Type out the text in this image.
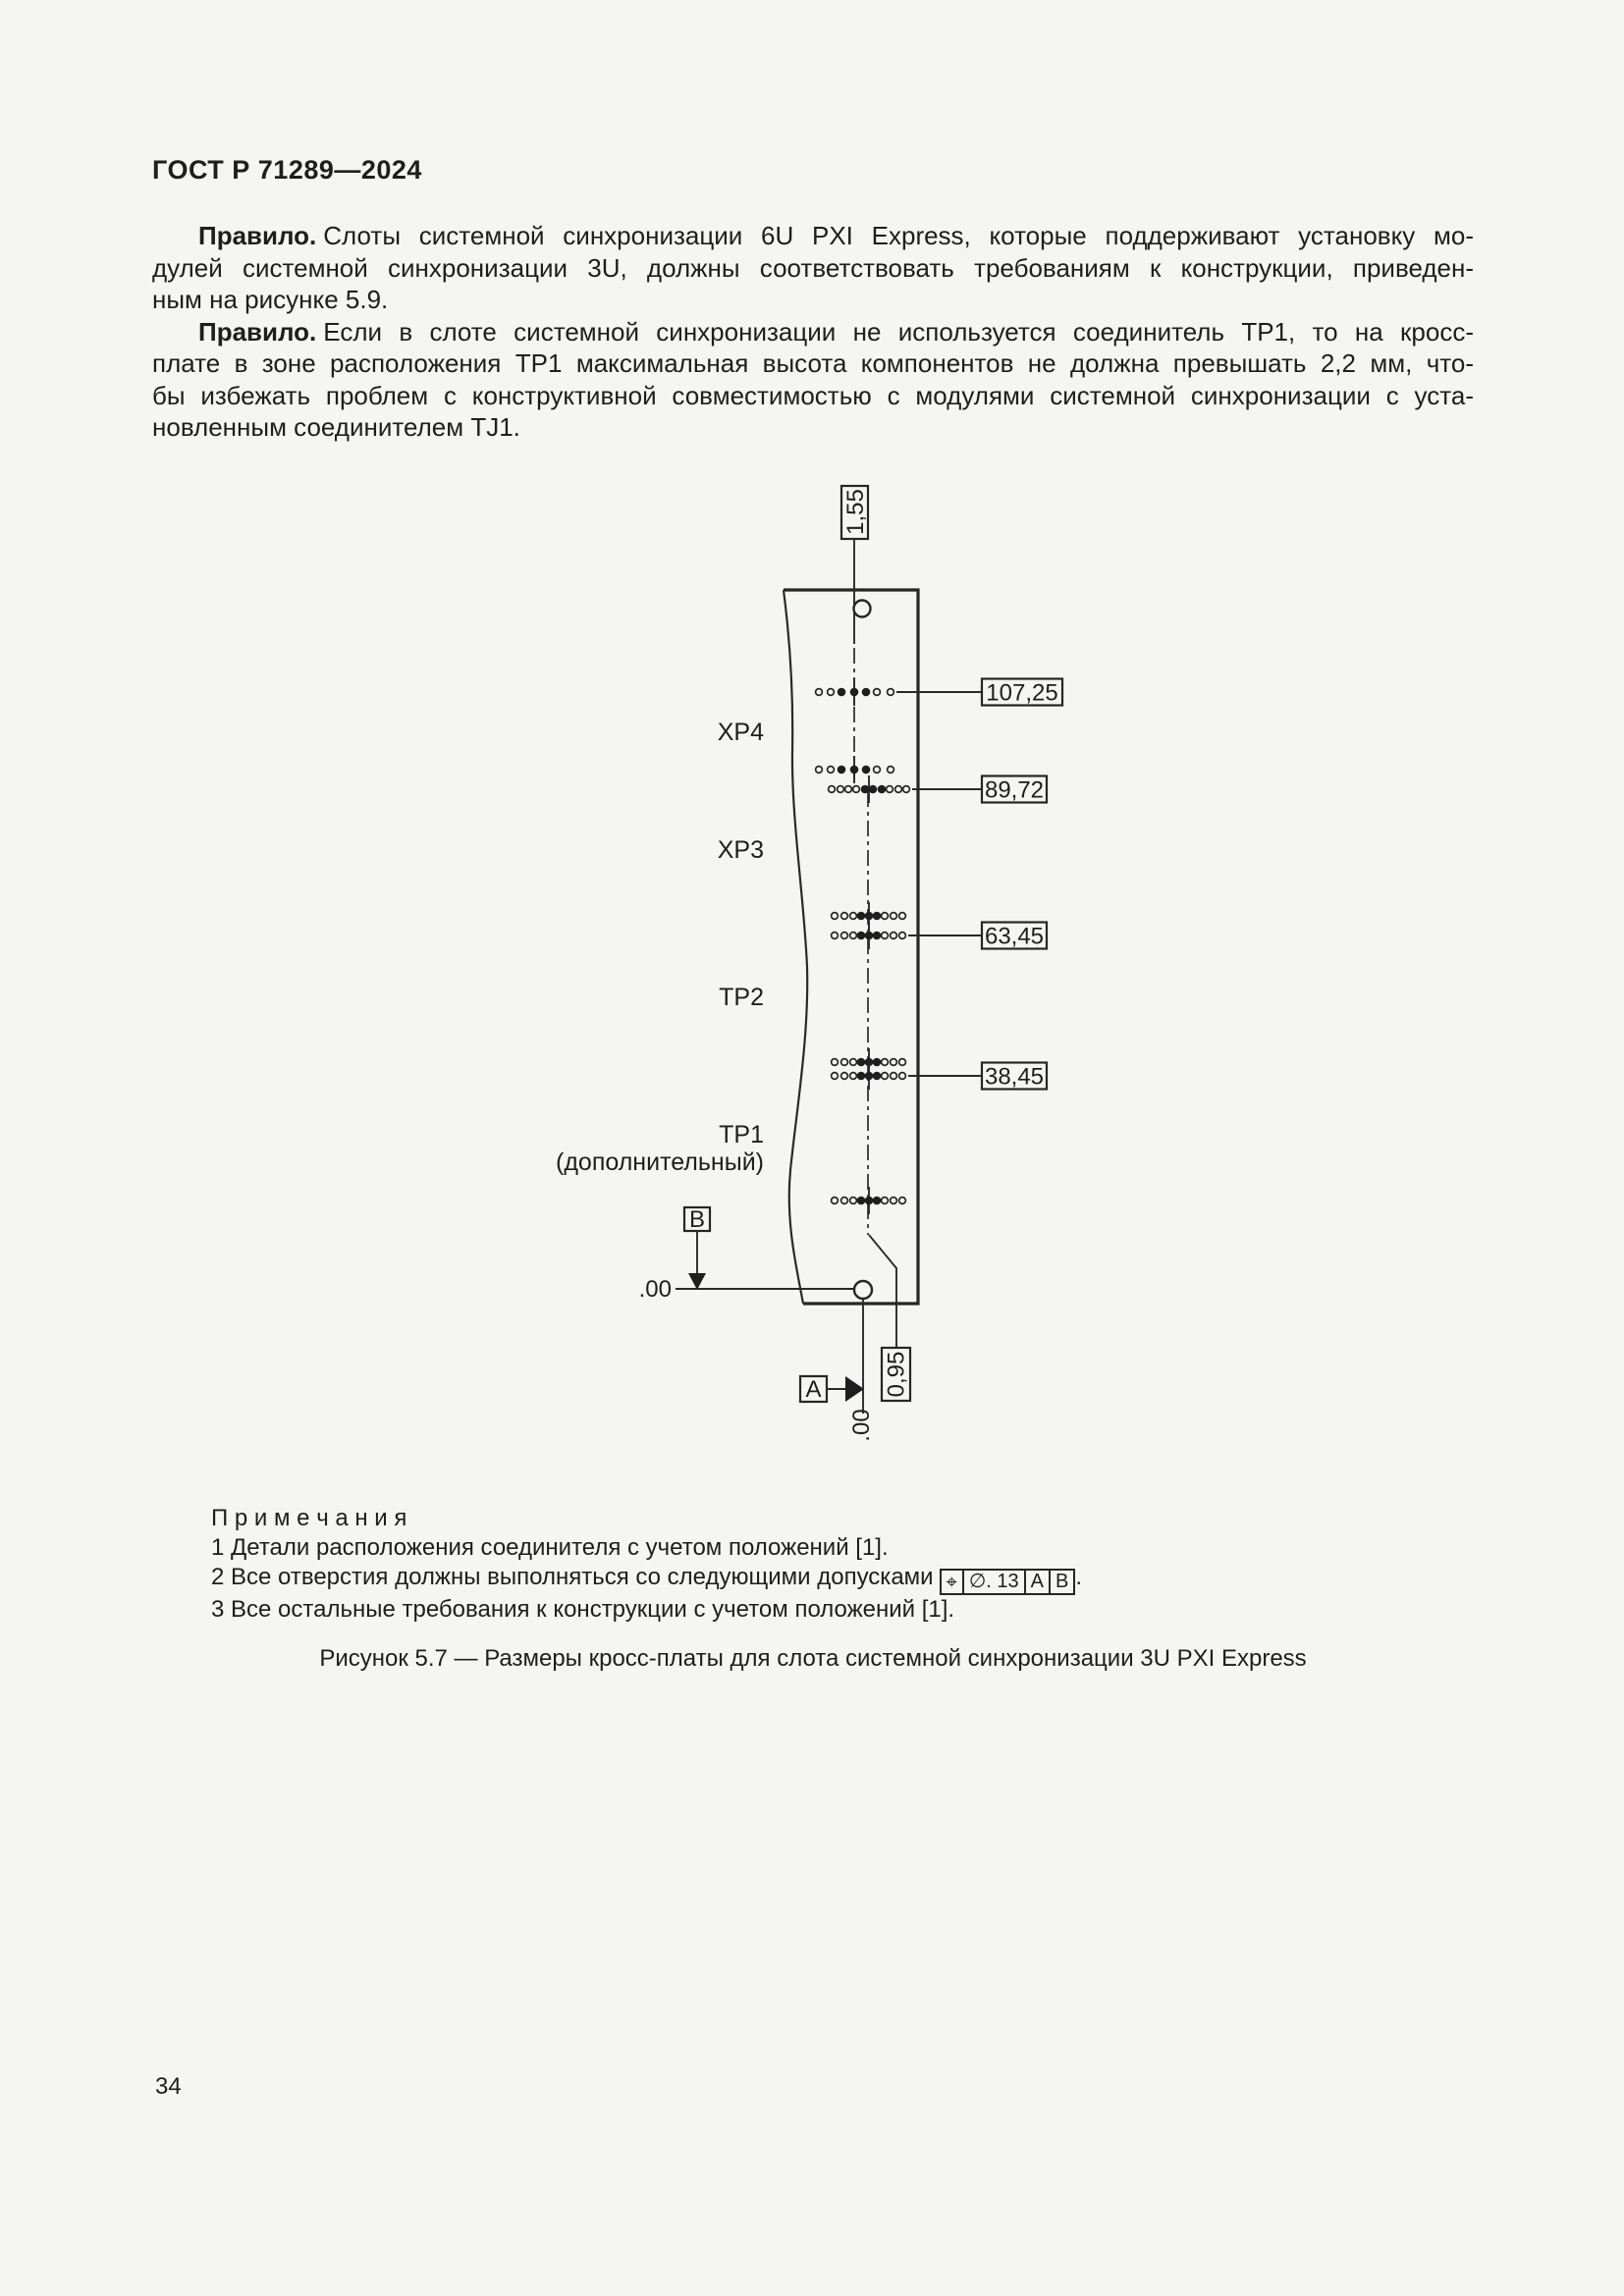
ГОСТ Р 71289—2024
Правило. Слоты системной синхронизации 6U PXI Express, которые поддерживают установку мо-
дулей системной синхронизации 3U, должны соответствовать требованиям к конструкции, приведен-
ным на рисунке 5.9.
Правило. Если в слоте системной синхронизации не используется соединитель TP1, то на кросс-
плате в зоне расположения TP1 максимальная высота компонентов не должна превышать 2,2 мм, что-
бы избежать проблем с конструктивной совместимостью с модулями системной синхронизации с уста-
новленным соединителем TJ1.
1,55
107,25
89,72
63,45
38,45
XP4
XP3
TP2
TP1
(дополнительный)
B
.00
0,95
A
.00
П р и м е ч а н и я
1 Детали расположения соединителя с учетом положений [1].
2 Все отверстия должны выполняться со следующими допусками ⌖ ∅. 13 A B .
3 Все остальные требования к конструкции с учетом положений [1].
Рисунок 5.7 — Размеры кросс-платы для слота системной синхронизации 3U PXI Express
34
